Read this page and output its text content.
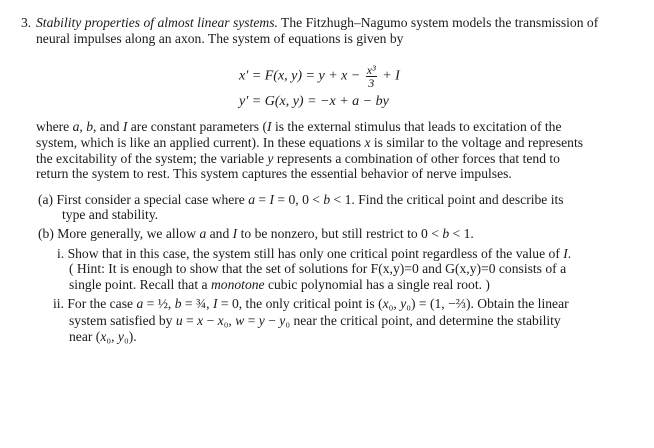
3.
x′ = F(x, $y) = y + x - \frac{\text{x³}}{3} + I$
y′ = G(x, y) = −x + a − by
Stability properties of almost linear systems. The Fitzhugh–Nagumo system models the transmission of
neural impulses along an axon. The system of equations is given by
where a, b, and I are constant parameters (I is the external stimulus that leads to excitation of the
system, which is like an applied current). In these equations x is similar to the voltage and represents
the excitability of the system; the variable y represents a combination of other forces that tend to
return the system to rest. This system captures the essential behavior of nerve impulses.
(a) First consider a special case where a = I = 0, 0 < b < 1. Find the critical point and describe its
type and stability.
(b) More generally, we allow a and I to be nonzero, but still restrict to 0 < b < 1.
i. Show that in this case, the system still has only one critical point regardless of the value of I.
( Hint: It is enough to show that the set of solutions for F(x,y)=0 and G(x,y)=0 consists of a
single point. Recall that a monotone cubic polynomial has a single real root. )
ii. For the case a = ½, b = ¾, I = 0, the only critical point is (x₀, y₀) = (1, −⅔). Obtain the linear
system satisfied by u = x − x₀, w = y − y₀ near the critical point, and determine the stability
near (x₀, y₀).
